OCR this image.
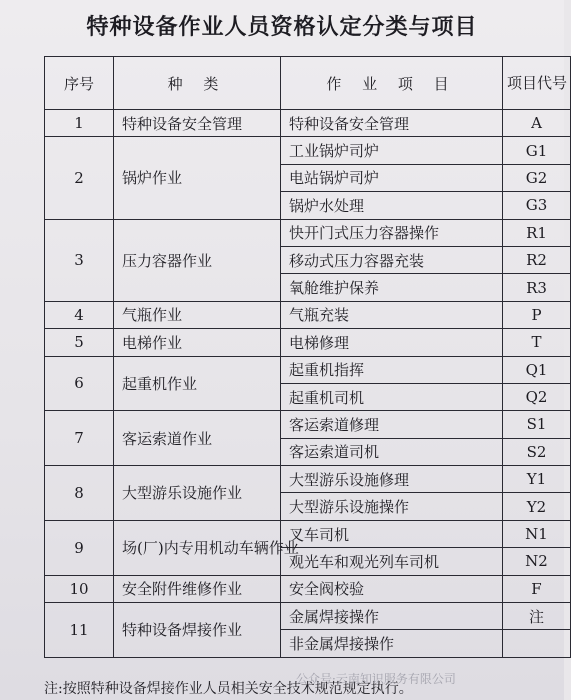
特种设备作业人员资格认定分类与项目
序号	种 类	作 业 项 目	项目代号
1	特种设备安全管理	特种设备安全管理	A
2	锅炉作业	工业锅炉司炉	G1
		电站锅炉司炉	G2
		锅炉水处理	G3
3	压力容器作业	快开门式压力容器操作	R1
		移动式压力容器充装	R2
		氧舱维护保养	R3
4	气瓶作业	气瓶充装	P
5	电梯作业	电梯修理	T
6	起重机作业	起重机指挥	Q1
		起重机司机	Q2
7	客运索道作业	客运索道修理	S1
		客运索道司机	S2
8	大型游乐设施作业	大型游乐设施修理	Y1
		大型游乐设施操作	Y2
9	场(厂)内专用机动车辆作业	叉车司机	N1
		观光车和观光列车司机	N2
10	安全附件维修作业	安全阀校验	F
11	特种设备焊接作业	金属焊接操作	注
		非金属焊接操作	
注:按照特种设备焊接作业人员相关安全技术规范规定执行。
公众号·云南知识服务有限公司
